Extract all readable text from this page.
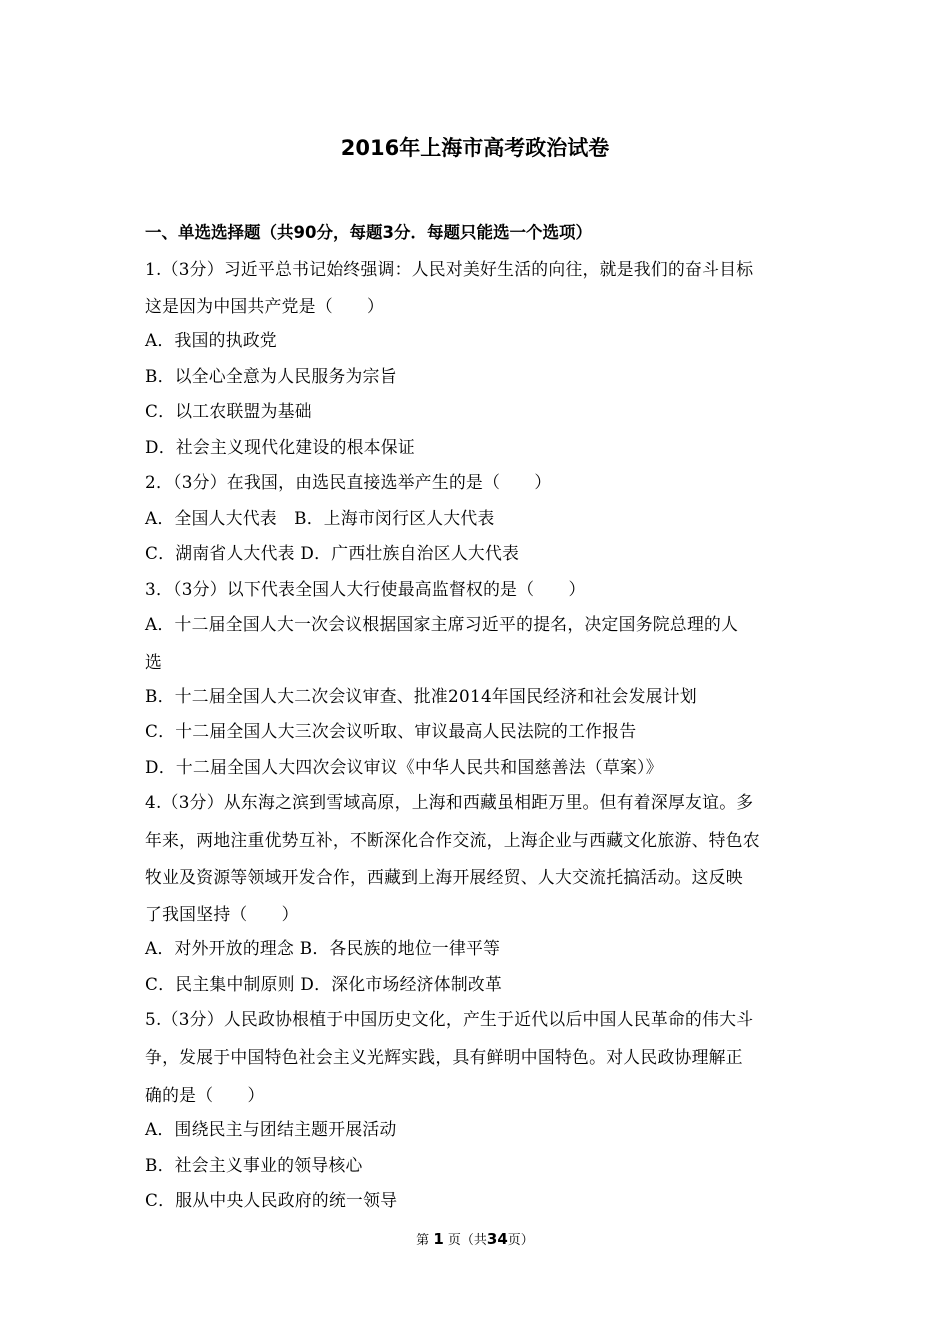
2016年上海市高考政治试卷
一、单选选择题（共90分，每题3分．每题只能选一个选项）
1.（3分）习近平总书记始终强调：人民对美好生活的向往，就是我们的奋斗目标
这是因为中国共产党是（　　）
A．我国的执政党
B．以全心全意为人民服务为宗旨
C．以工农联盟为基础
D．社会主义现代化建设的根本保证
2．（3分）在我国，由选民直接选举产生的是（　　）
A．全国人大代表　B．上海市闵行区人大代表
C．湖南省人大代表 D．广西壮族自治区人大代表
3．（3分）以下代表全国人大行使最高监督权的是（　　）
A．十二届全国人大一次会议根据国家主席习近平的提名，决定国务院总理的人
选
B．十二届全国人大二次会议审查、批准2014年国民经济和社会发展计划
C．十二届全国人大三次会议听取、审议最高人民法院的工作报告
D．十二届全国人大四次会议审议《中华人民共和国慈善法（草案）》
4.（3分）从东海之滨到雪域高原，上海和西藏虽相距万里。但有着深厚友谊。多
年来，两地注重优势互补，不断深化合作交流，上海企业与西藏文化旅游、特色农
牧业及资源等领域开发合作，西藏到上海开展经贸、人大交流托搞活动。这反映
了我国坚持（　　）
A．对外开放的理念 B．各民族的地位一律平等
C．民主集中制原则 D．深化市场经济体制改革
5.（3分）人民政协根植于中国历史文化，产生于近代以后中国人民革命的伟大斗
争，发展于中国特色社会主义光辉实践，具有鲜明中国特色。对人民政协理解正
确的是（　　）
A．围绕民主与团结主题开展活动
B．社会主义事业的领导核心
C．服从中央人民政府的统一领导
第 1 页（共34页）
